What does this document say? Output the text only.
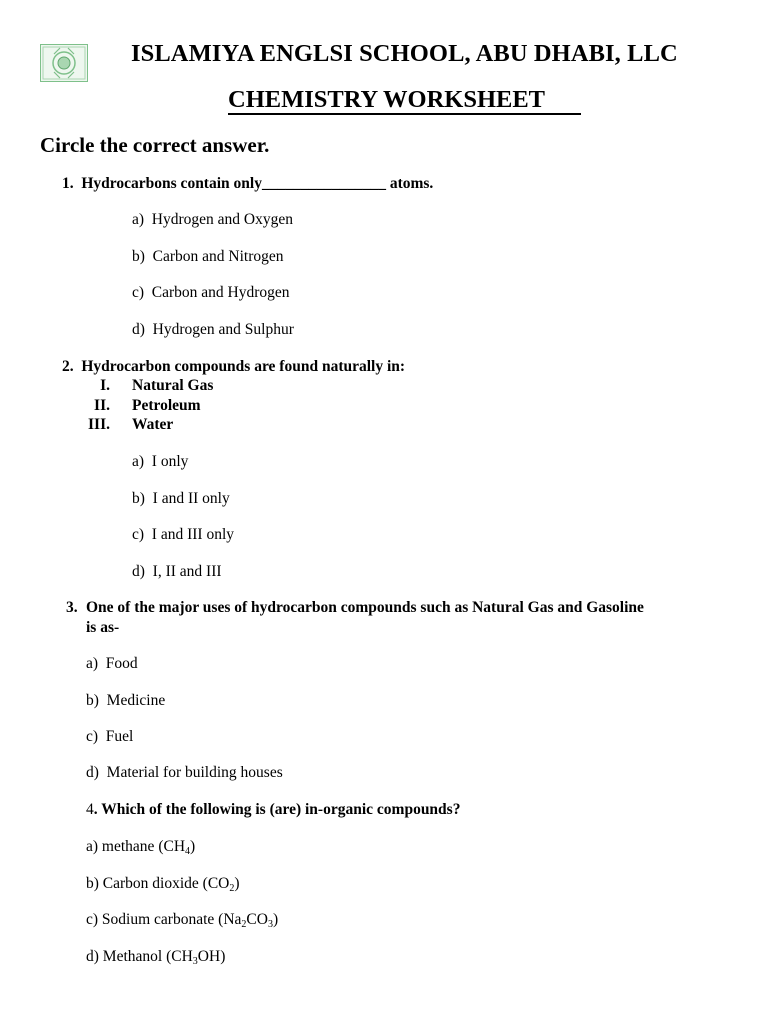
ISLAMIYA ENGLSI SCHOOL, ABU DHABI, LLC
CHEMISTRY WORKSHEET
Circle the correct answer.
1. Hydrocarbons contain only________________ atoms.
a) Hydrogen and Oxygen
b) Carbon and Nitrogen
c) Carbon and Hydrogen
d) Hydrogen and Sulphur
2. Hydrocarbon compounds are found naturally in:
I. Natural Gas
II. Petroleum
III. Water
a) I only
b) I and II only
c) I and III only
d) I, II and III
3. One of the major uses of hydrocarbon compounds such as Natural Gas and Gasoline
is as-
a) Food
b) Medicine
c) Fuel
d) Material for building houses
4. Which of the following is (are) in-organic compounds?
a) methane $(CH_4)$
b) Carbon dioxide $(CO_2)$
c) Sodium carbonate $(Na_2CO_3)$
d) Methanol $(CH_3OH)$
